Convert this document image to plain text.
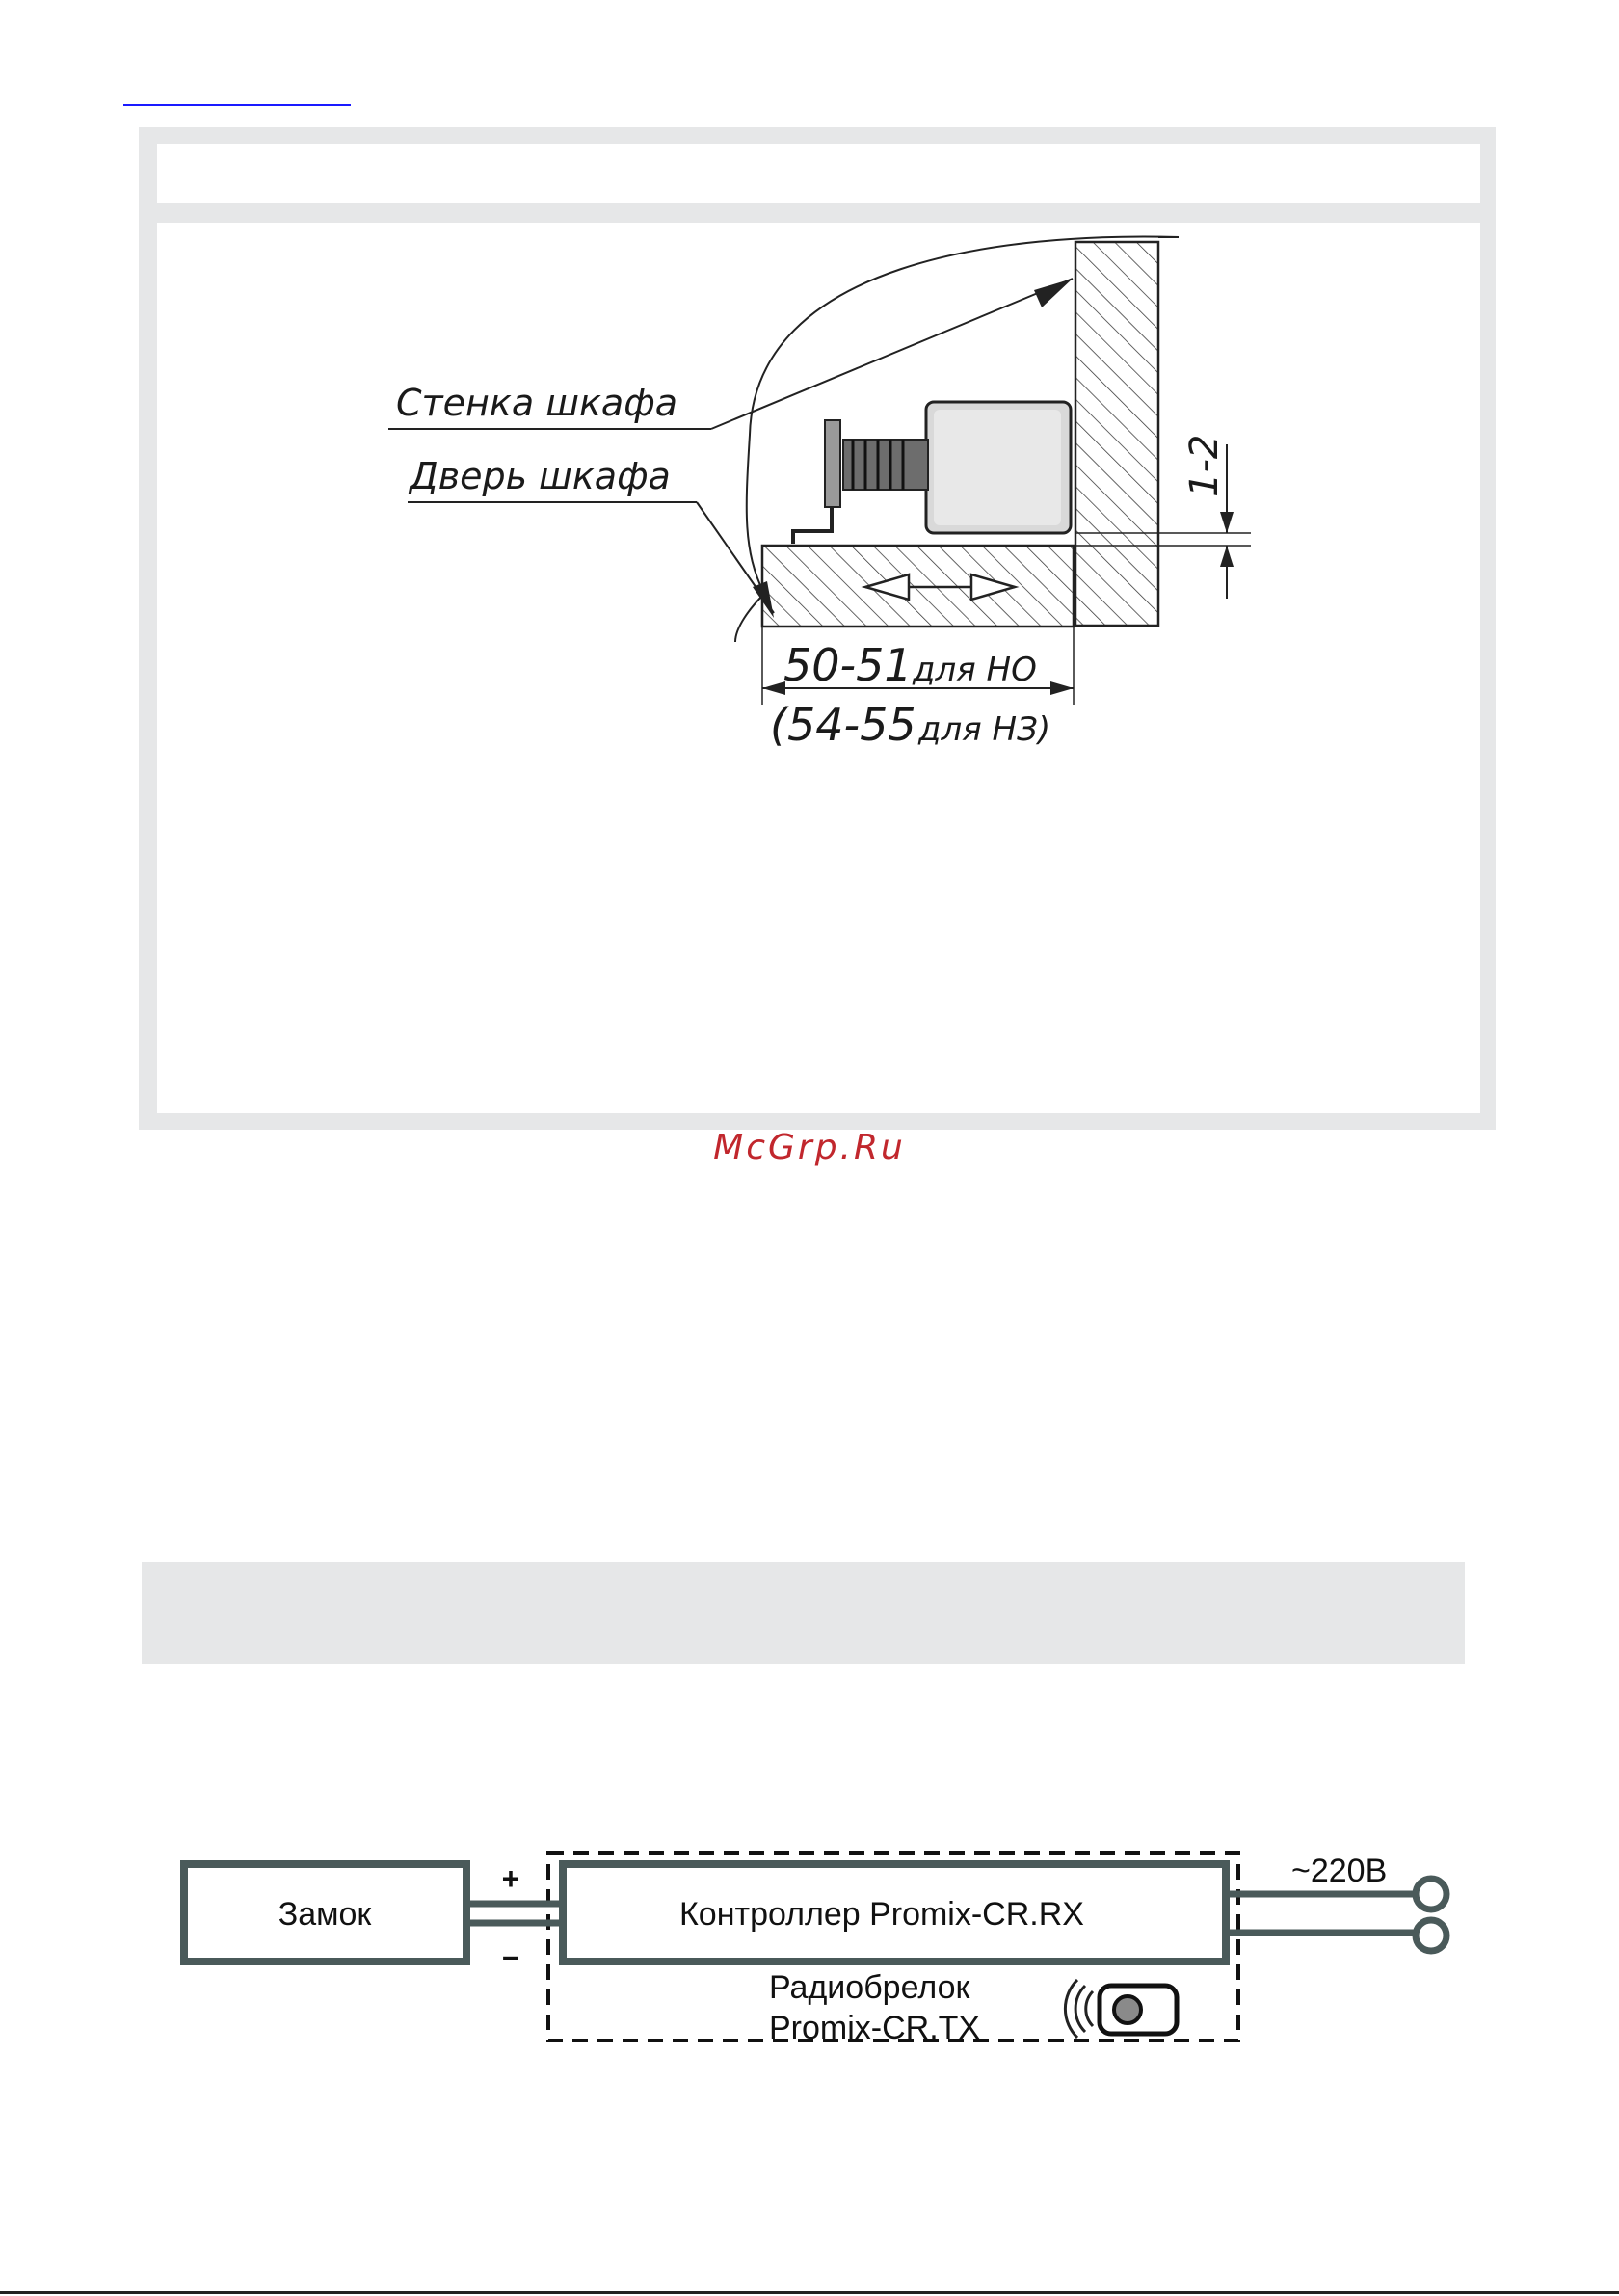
Стенка шкафа
Дверь шкафа	1-2
50-51 для НО
(54-55 для НЗ)
McGrp.Ru
Замок	Контроллер Promix-CR.RX
+
–
~220В
Радиобрелок
Promix-CR.TX
